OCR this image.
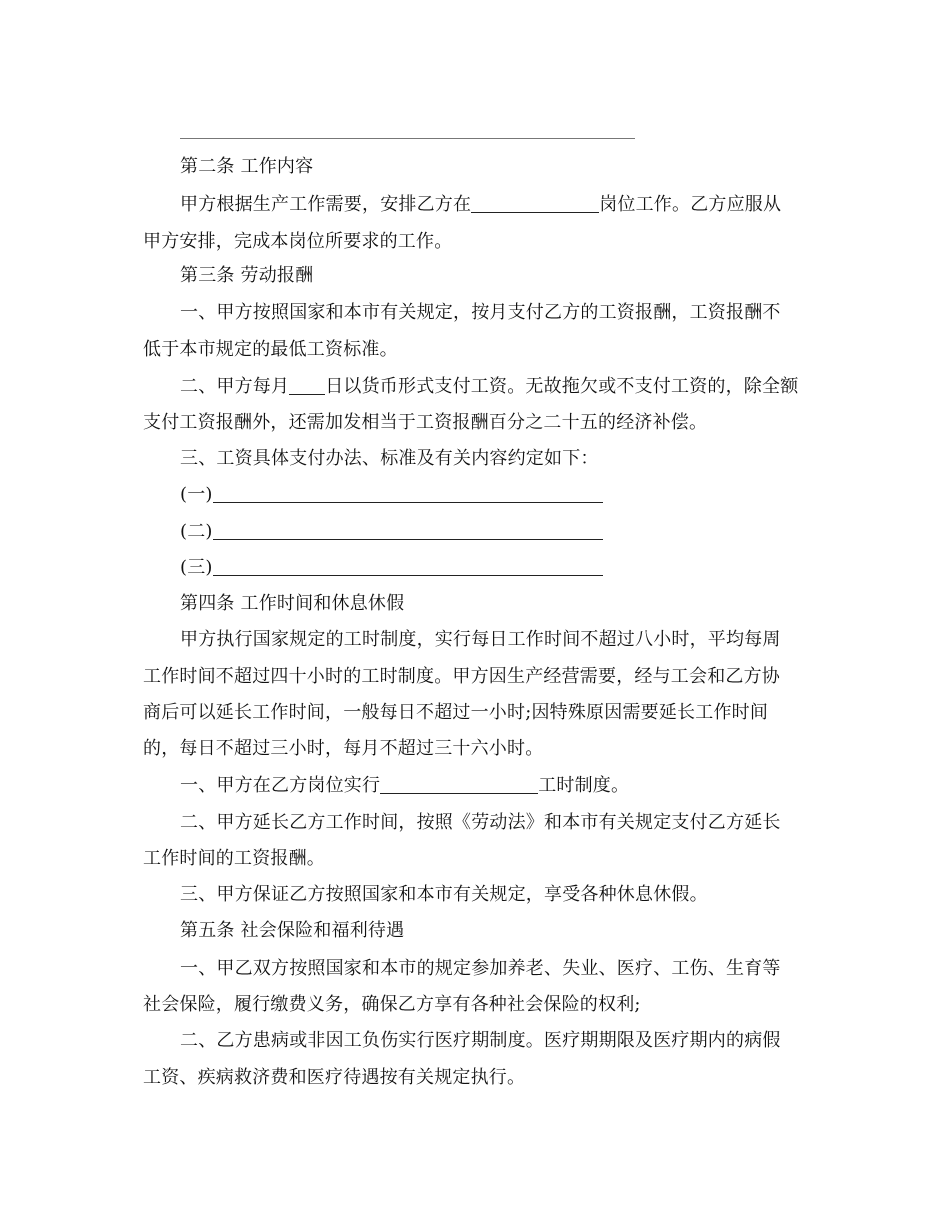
第二条 工作内容
甲方根据生产工作需要，安排乙方在	岗位工作。乙方应服从
甲方安排，完成本岗位所要求的工作。
第三条 劳动报酬
一、甲方按照国家和本市有关规定，按月支付乙方的工资报酬，工资报酬不
低于本市规定的最低工资标准。
二、甲方每月 日以货币形式支付工资。无故拖欠或不支付工资的，除全额
支付工资报酬外，还需加发相当于工资报酬百分之二十五的经济补偿。
三、工资具体支付办法、标准及有关内容约定如下：
(一)
(二)
(三)
第四条 工作时间和休息休假
甲方执行国家规定的工时制度，实行每日工作时间不超过八小时，平均每周
工作时间不超过四十小时的工时制度。甲方因生产经营需要，经与工会和乙方协
商后可以延长工作时间，一般每日不超过一小时;因特殊原因需要延长工作时间
的，每日不超过三小时，每月不超过三十六小时。
一、甲方在乙方岗位实行	工时制度。
二、甲方延长乙方工作时间，按照《劳动法》和本市有关规定支付乙方延长
工作时间的工资报酬。
三、甲方保证乙方按照国家和本市有关规定，享受各种休息休假。
第五条 社会保险和福利待遇
一、甲乙双方按照国家和本市的规定参加养老、失业、医疗、工伤、生育等
社会保险，履行缴费义务，确保乙方享有各种社会保险的权利;
二、乙方患病或非因工负伤实行医疗期制度。医疗期期限及医疗期内的病假
工资、疾病救济费和医疗待遇按有关规定执行。
